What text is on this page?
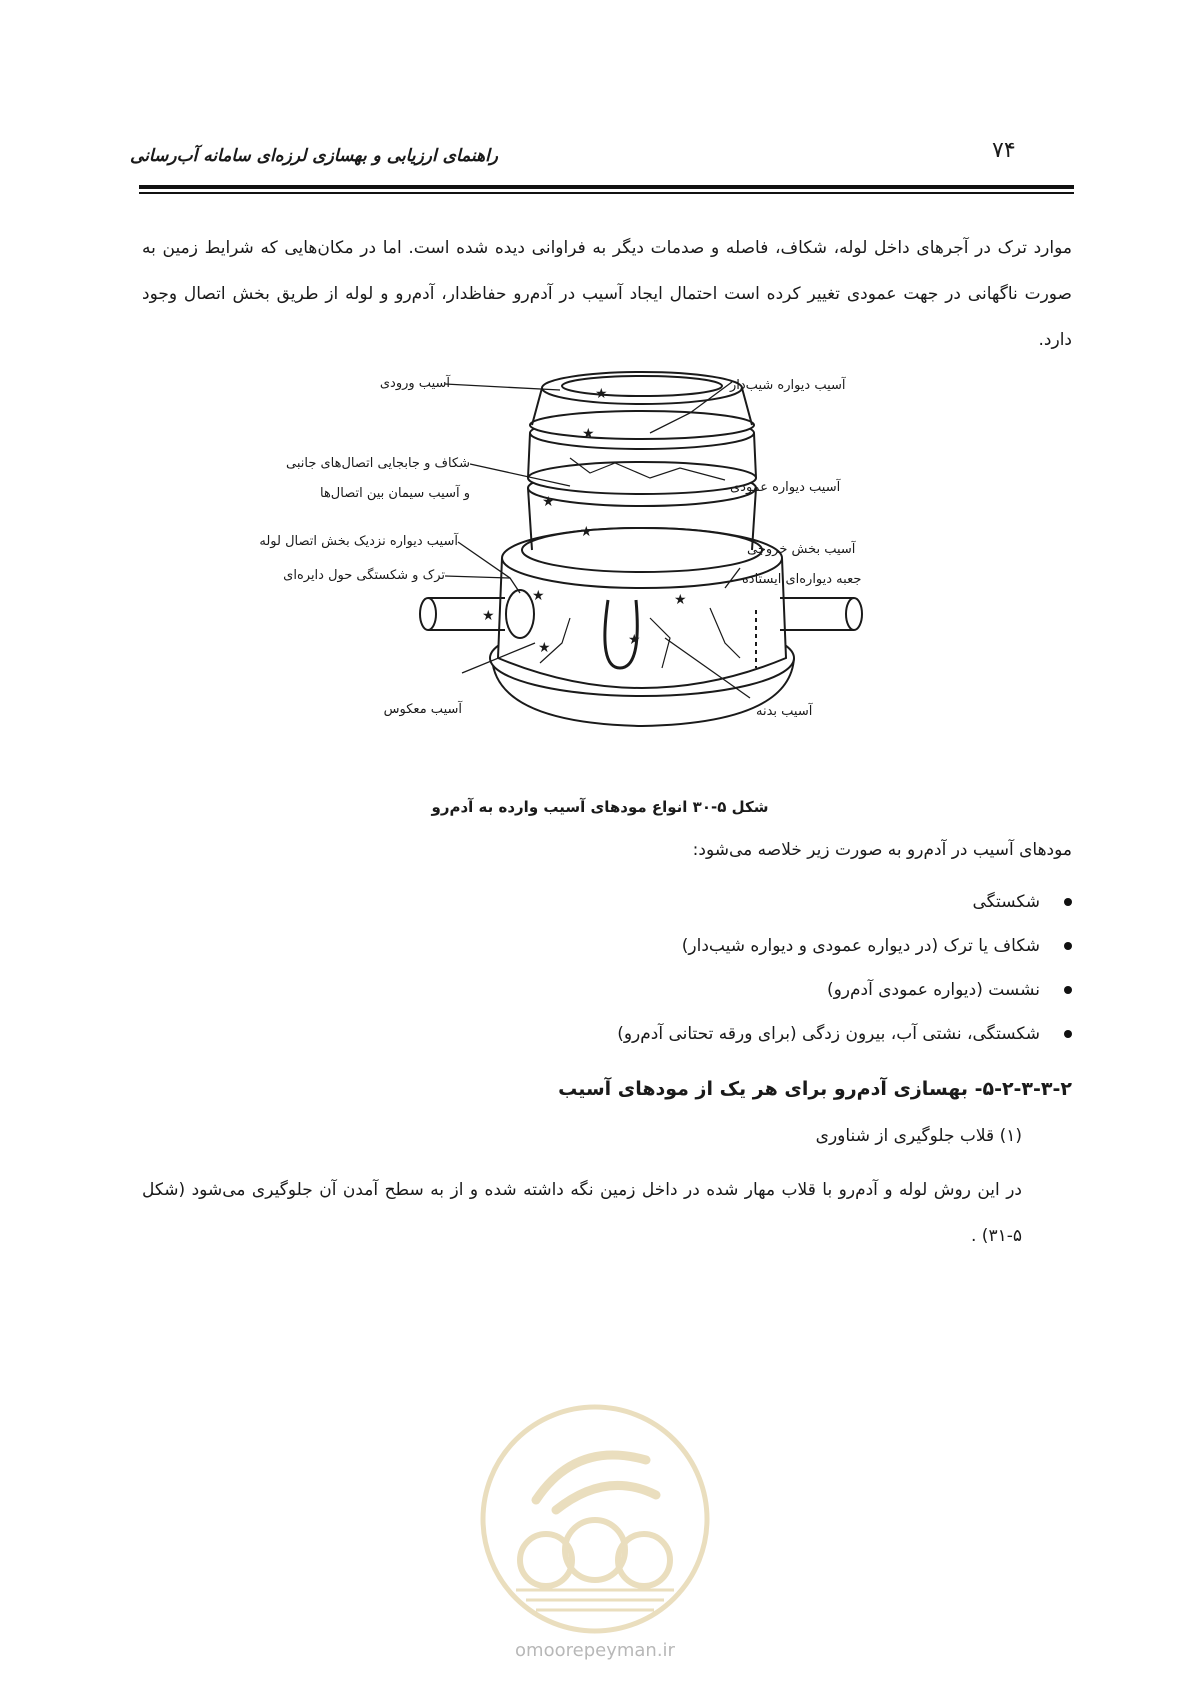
۷۴
راهنمای ارزیابی و بهسازی لرزه‌ای سامانه آب‌رسانی
موارد ترک در آجرهای داخل لوله، شکاف، فاصله و صدمات دیگر به فراوانی دیده شده است. اما در مکان‌هایی که شرایط زمین به صورت ناگهانی در جهت عمودی تغییر کرده است احتمال ایجاد آسیب در آدم‌رو حفاظدار، آدم‌رو و لوله از طریق بخش اتصال وجود دارد.
★
★
★
★
★
★
★	★
★
آسیب ورودی	آسیب دیواره شیب‌دار
شکاف و جابجایی اتصال‌های جانبی
و آسیب سیمان بین اتصال‌ها	آسیب دیواره عمودی
آسیب دیواره نزدیک بخش اتصال لوله
ترک و شکستگی حول دایره‌ای
آسیب بخش خروجی
جعبه دیواره‌ای ایستاده
آسیب معکوس	آسیب بدنه
شکل ۵-۳۰ انواع مودهای آسیب وارده به آدم‌رو
مودهای آسیب در آدم‌رو به صورت زیر خلاصه می‌شود:
شکستگی
شکاف یا ترک (در دیواره عمودی و دیواره شیب‌دار)
نشست (دیواره عمودی آدم‌رو)
شکستگی، نشتی آب، بیرون زدگی (برای ورقه تحتانی آدم‌رو)
۵-۲-۳-۳-۲- بهسازی آدم‌رو برای هر یک از مودهای آسیب
(۱) قلاب جلوگیری از شناوری
در این روش لوله و آدم‌رو با قلاب مهار شده در داخل زمین نگه داشته شده و از به سطح آمدن آن جلوگیری می‌شود (شکل ۵-۳۱) .
omoorepeyman.ir
